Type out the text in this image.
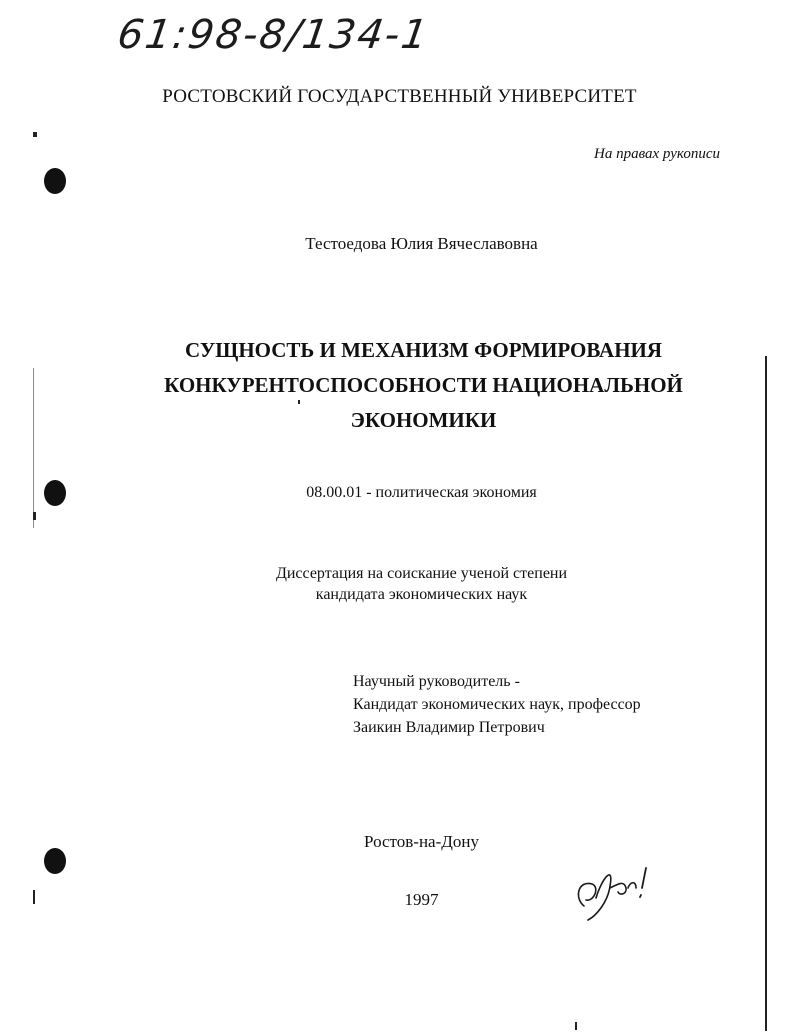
61:98-8/134-1
РОСТОВСКИЙ ГОСУДАРСТВЕННЫЙ УНИВЕРСИТЕТ
На правах рукописи
Тестоедова Юлия Вячеславовна
СУЩНОСТЬ И МЕХАНИЗМ ФОРМИРОВАНИЯ
КОНКУРЕНТОСПОСОБНОСТИ НАЦИОНАЛЬНОЙ
ЭКОНОМИКИ
08.00.01 - политическая экономия
Диссертация на соискание ученой степени
кандидата экономических наук
Научный руководитель -
Кандидат экономических наук, профессор
Заикин Владимир Петрович
Ростов-на-Дону
1997
